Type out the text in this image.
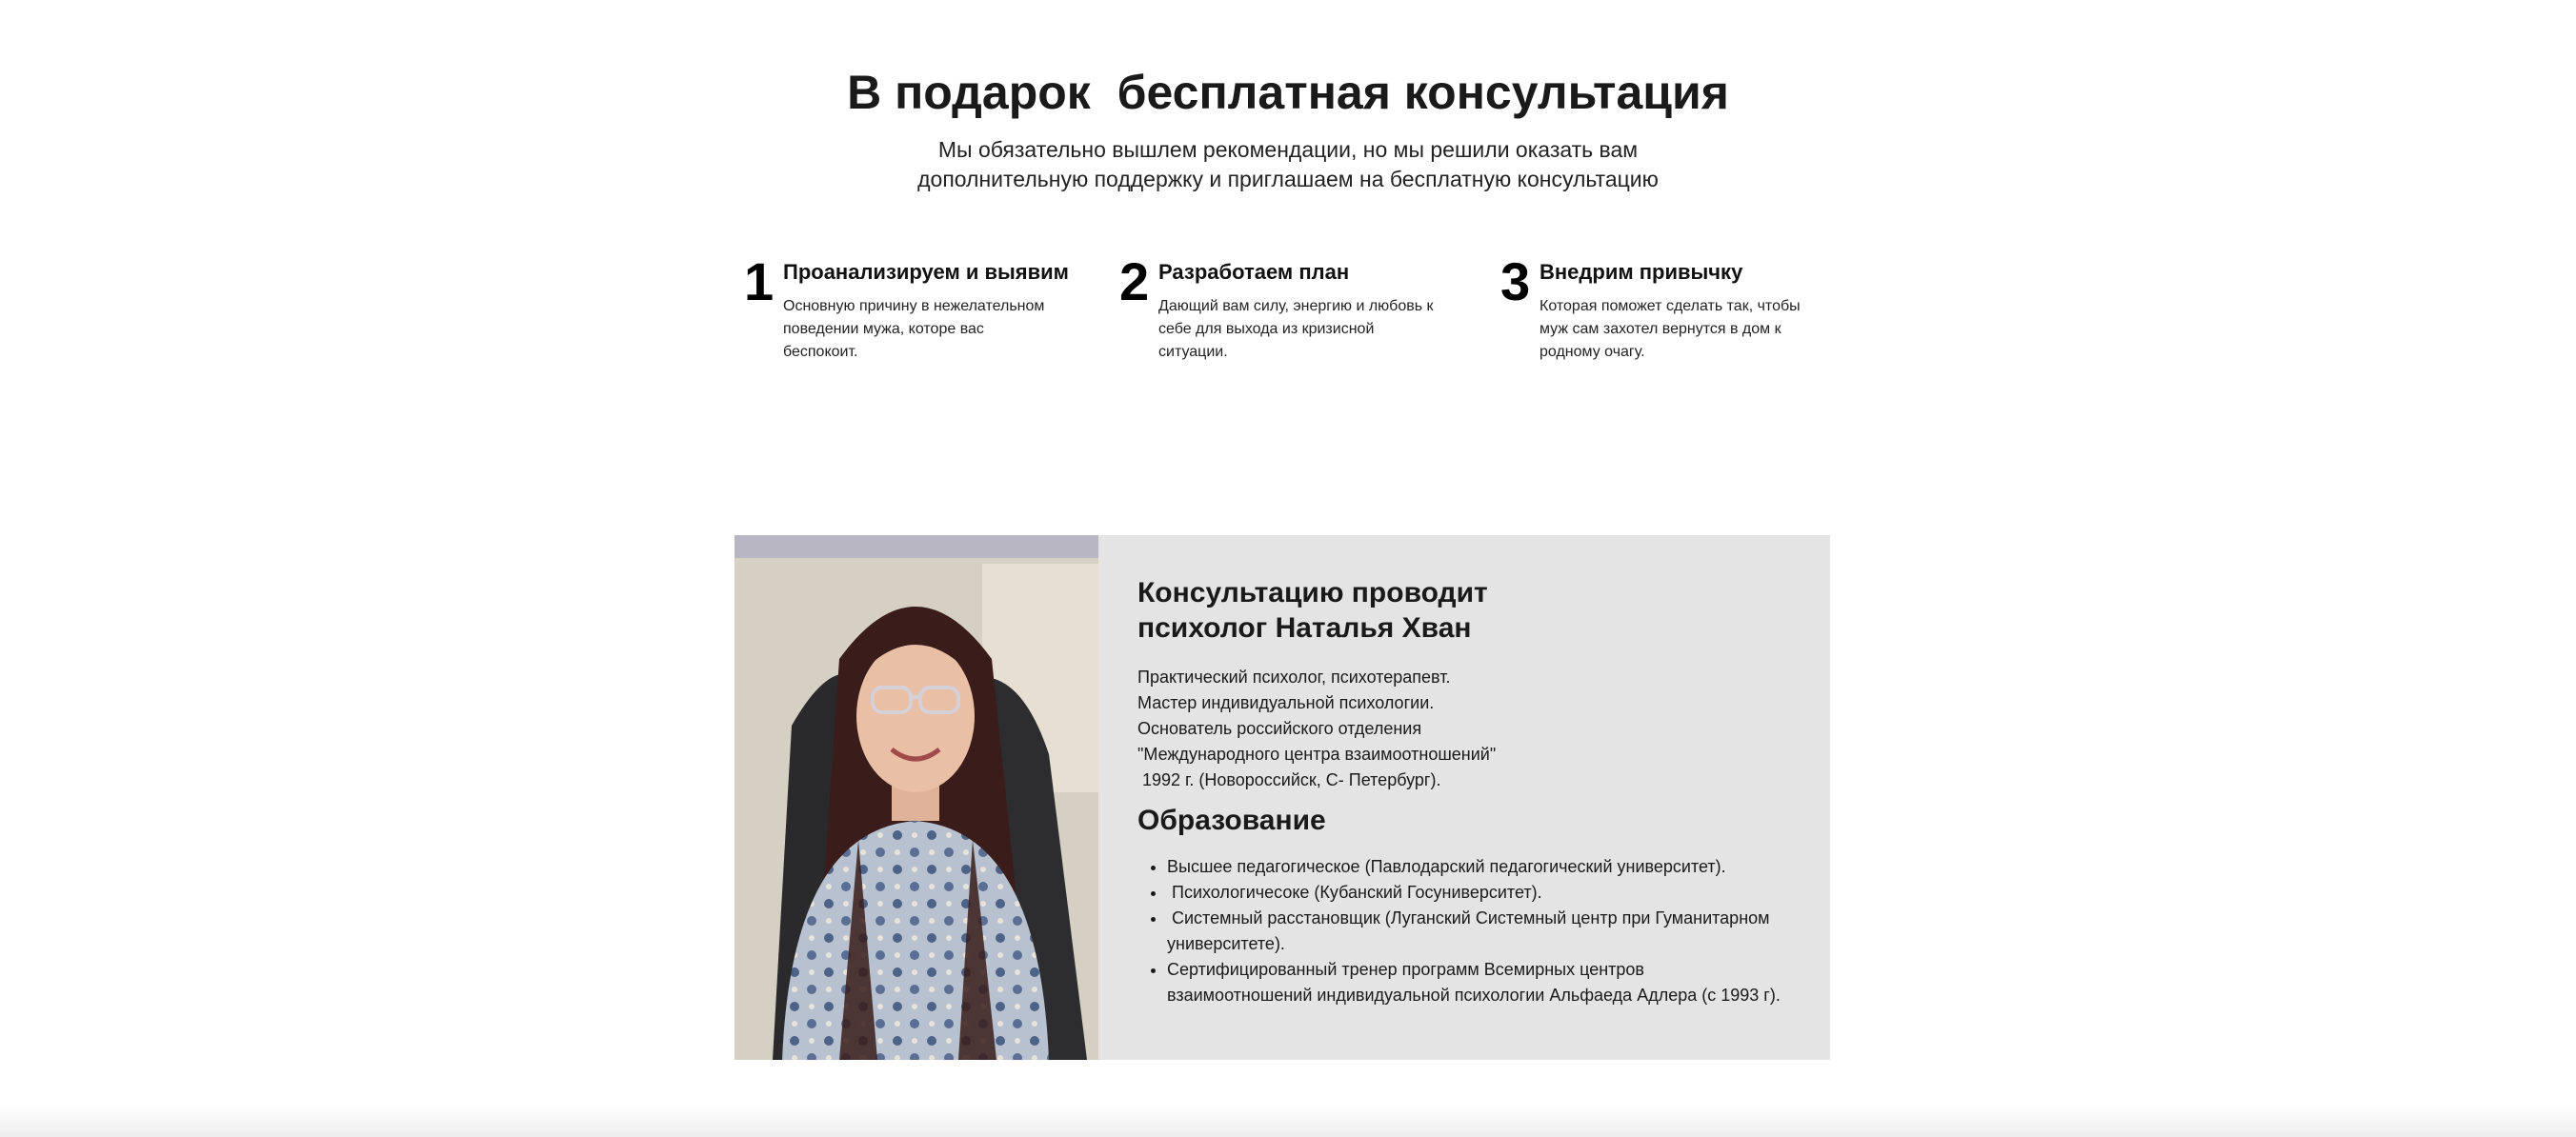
В подарок  бесплатная консультация

Мы обязательно вышлем рекомендации, но мы решили оказать вам
дополнительную поддержку и приглашаем на бесплатную консультацию

1 Проанализируем и выявим

Основную причину в нежелательном
поведении мужа, которе вас
беспокоит.

2 Разработаем план

Дающий вам силу, энергию и любовь к
себе для выхода из кризисной
ситуации.

3 Внедрим привычку

Которая поможет сделать так, чтобы
муж сам захотел вернутся в дом к
родному очагу.

Консультацию проводит
психолог Наталья Хван

Практический психолог, психотерапевт.
Мастер индивидуальной психологии.
Основатель российского отделения
"Международного центра взаимоотношений"
1992 г. (Новороссийск, С- Петербург).

Образование
• Высшее педагогическое (Павлодарский педагогический университет).
•  Психологичесоке (Кубанский Госуниверситет).
•  Системный расстановщик (Луганский Системный центр при Гуманитарном
университете).
• Сертифицированный тренер программ Всемирных центров
взаимоотношений индивидуальной психологии Альфаеда Адлера (с 1993 г).
